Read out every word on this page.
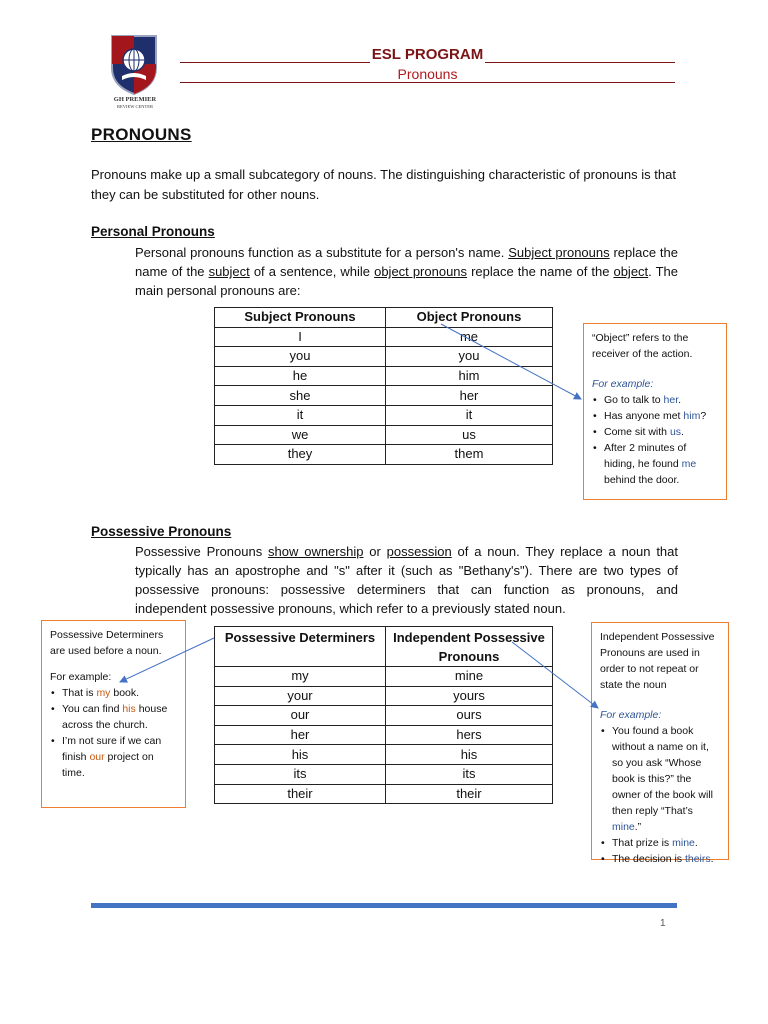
GH PREMIER
REVIEW CENTER
ESL PROGRAM
Pronouns
PRONOUNS
Pronouns make up a small subcategory of nouns. The distinguishing characteristic of pronouns is that they can be substituted for other nouns.
Personal Pronouns
Personal pronouns function as a substitute for a person's name. Subject pronouns replace the name of the subject of a sentence, while object pronouns replace the name of the object. The main personal pronouns are:
Subject Pronouns	Object Pronouns
I	me
you	you
he	him
she	her
it	it
we	us
they	them
“Object” refers to the receiver of the action.
For example:
• Go to talk to her.
• Has anyone met him?
• Come sit with us.
• After 2 minutes of hiding, he found me behind the door.
Possessive Pronouns
Possessive Pronouns show ownership or possession of a noun. They replace a noun that typically has an apostrophe and "s" after it (such as "Bethany's"). There are two types of possessive pronouns: possessive determiners that can function as pronouns, and independent possessive pronouns, which refer to a previously stated noun.
Possessive Determiners	Independent Possessive Pronouns
my	mine
your	yours
our	ours
her	hers
his	his
its	its
their	their
Possessive Determiners are used before a noun.
For example:
• That is my book.
• You can find his house across the church.
• I’m not sure if we can finish our project on time.
Independent Possessive Pronouns are used in order to not repeat or state the noun
For example:
• You found a book without a name on it, so you ask “Whose book is this?” the owner of the book will then reply “That’s mine.”
• That prize is mine.
• The decision is theirs.
1
